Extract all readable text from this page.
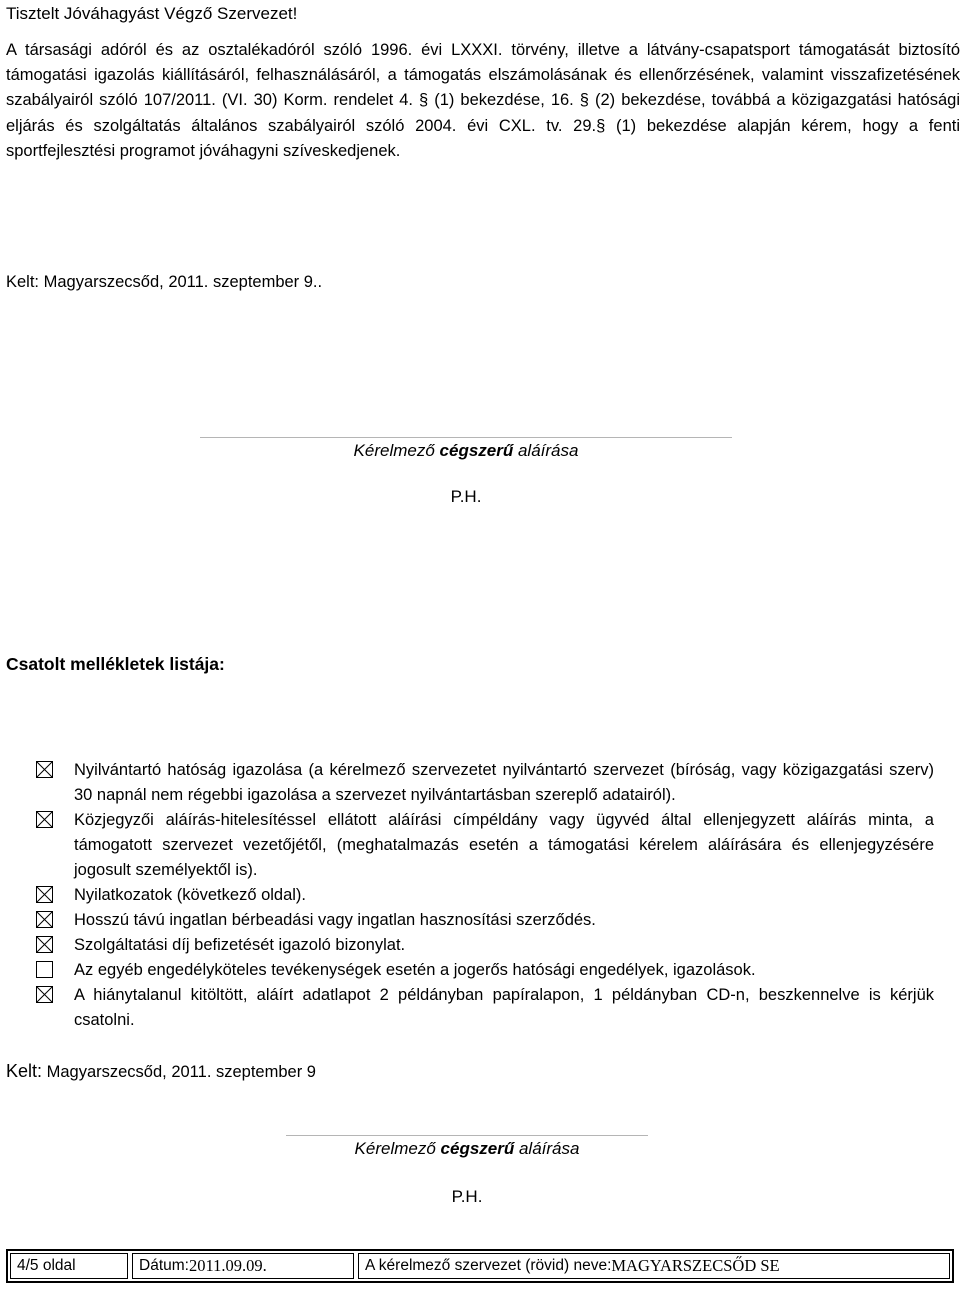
Tisztelt Jóváhagyást Végző Szervezet!
A társasági adóról és az osztalékadóról szóló 1996. évi LXXXI. törvény, illetve a látvány-csapatsport támogatását biztosító támogatási igazolás kiállításáról, felhasználásáról, a támogatás elszámolásának és ellenőrzésének, valamint visszafizetésének szabályairól szóló 107/2011. (VI. 30) Korm. rendelet 4. § (1) bekezdése, 16. § (2) bekezdése, továbbá a közigazgatási hatósági eljárás és szolgáltatás általános szabályairól szóló 2004. évi CXL. tv. 29.§ (1) bekezdése alapján kérem, hogy a fenti sportfejlesztési programot jóváhagyni szíveskedjenek.
Kelt: Magyarszecsőd, 2011. szeptember 9..
Kérelmező cégszerű aláírása
P.H.
Csatolt mellékletek listája:
Nyilvántartó hatóság igazolása (a kérelmező szervezetet nyilvántartó szervezet (bíróság, vagy közigazgatási szerv) 30 napnál nem régebbi igazolása a szervezet nyilvántartásban szereplő adatairól).
Közjegyzői aláírás-hitelesítéssel ellátott aláírási címpéldány vagy ügyvéd által ellenjegyzett aláírás minta, a támogatott szervezet vezetőjétől, (meghatalmazás esetén a támogatási kérelem aláírására és ellenjegyzésére jogosult személyektől is).
Nyilatkozatok (következő oldal).
Hosszú távú ingatlan bérbeadási vagy ingatlan hasznosítási szerződés.
Szolgáltatási díj befizetését igazoló bizonylat.
Az egyéb engedélyköteles tevékenységek esetén a jogerős hatósági engedélyek, igazolások.
A hiánytalanul kitöltött, aláírt adatlapot 2 példányban papíralapon, 1 példányban CD-n, beszkennelve is kérjük csatolni.
Kelt: Magyarszecsőd, 2011. szeptember 9
Kérelmező cégszerű aláírása
P.H.
4/5 oldal	Dátum: 2011.09.09.	A kérelmező szervezet (rövid) neve: MAGYARSZECSŐD SE
